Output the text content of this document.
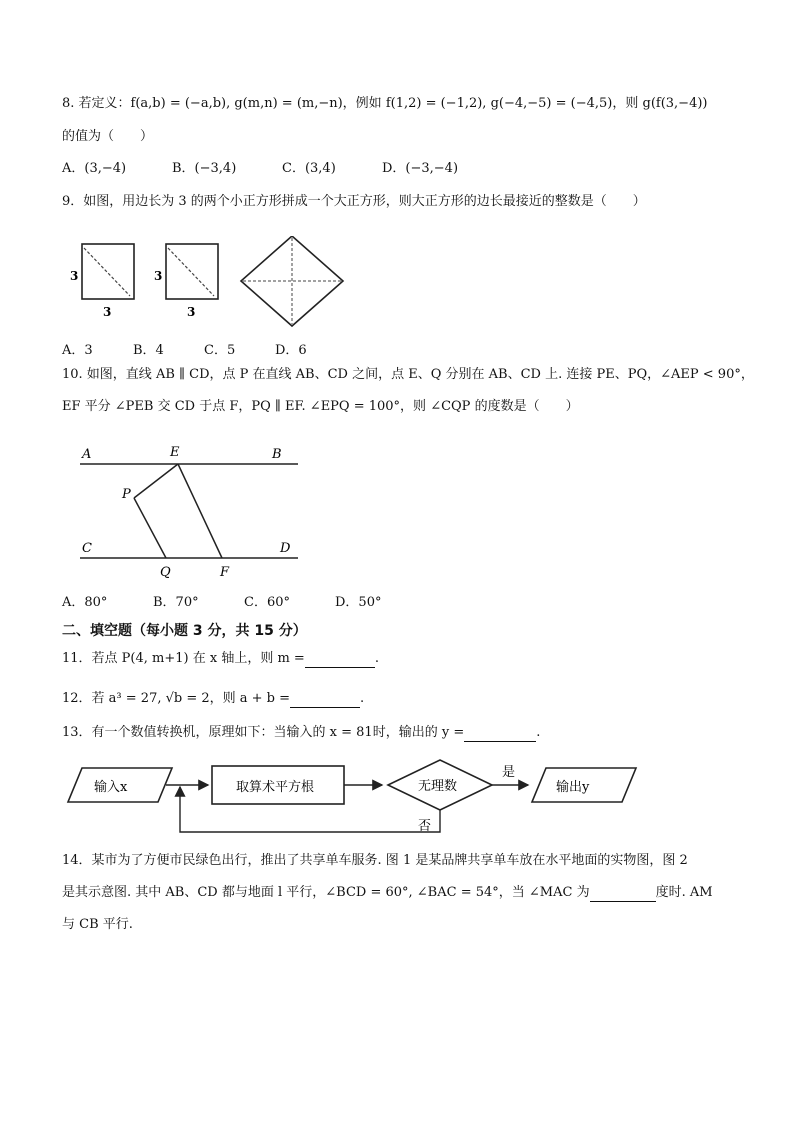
8. 若定义：f(a,b) = (−a,b), g(m,n) = (m,−n)，例如 f(1,2) = (−1,2), g(−4,−5) = (−4,5)，则 g(f(3,−4))
的值为（　　）
A．(3,−4)	B．(−3,4)	C．(3,4)	D．(−3,−4)
9．如图，用边长为 3 的两个小正方形拼成一个大正方形，则大正方形的边长最接近的整数是（　　）
3
3
3
3
A．3	B．4	C．5	D．6
10. 如图，直线 AB ∥ CD，点 P 在直线 AB、CD 之间，点 E、Q 分别在 AB、CD 上. 连接 PE、PQ，∠AEP < 90°，
EF 平分 ∠PEB 交 CD 于点 F，PQ ∥ EF. ∠EPQ = 100°，则 ∠CQP 的度数是（　　）
A	E	B
P
C	D
Q	F
A．80°	B．70°	C．60°	D．50°
二、填空题（每小题 3 分，共 15 分）
11．若点 P(4, m+1) 在 x 轴上，则 m =	.
12．若 a³ = 27, √b = 2，则 a + b =	.
13．有一个数值转换机，原理如下：当输入的 x = 81时，输出的 y =	.
输入x	取算术平方根	无理数
是
输出y
否
14．某市为了方便市民绿色出行，推出了共享单车服务. 图 1 是某品牌共享单车放在水平地面的实物图，图 2
是其示意图. 其中 AB、CD 都与地面 l 平行，∠BCD = 60°, ∠BAC = 54°，当 ∠MAC 为	度时. AM
与 CB 平行.
